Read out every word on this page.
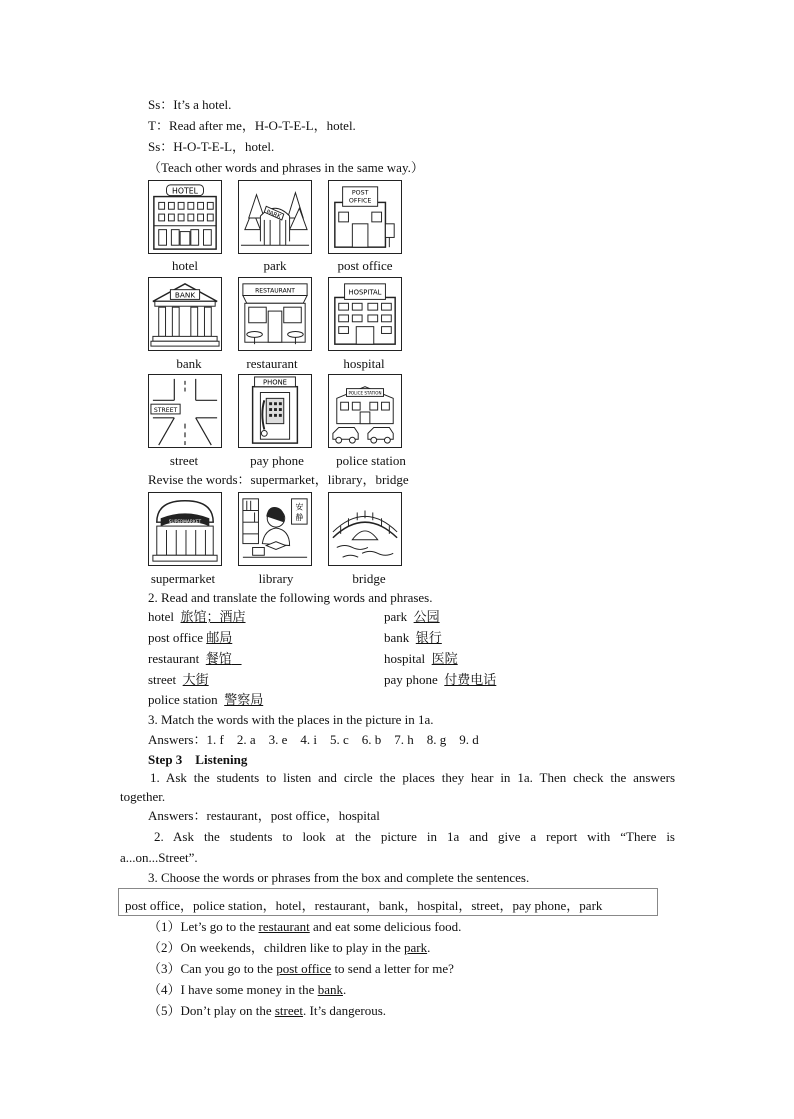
Ss：It’s a hotel.
T：Read after me，H-O-T-E-L，hotel.
Ss：H-O-T-E-L，hotel.
（Teach other words and phrases in the same way.）
HOTEL
PARK
POST
OFFICE
hotel	park	post office
BANK	RESTAURANT	HOSPITAL
bank	restaurant	hospital
STREET
PHONE
POLICE STATION
street	pay phone	police station
Revise the words：supermarket，library，bridge
SUPERMARKET
安
静
supermarket	library	bridge
2. Read and translate the following words and phrases.
hotel 旅馆；酒店	park 公园
post office 邮局	bank 银行
restaurant 餐馆	hospital 医院
street 大街	pay phone 付费电话
police station 警察局
3. Match the words with the places in the picture in 1a.
Answers：1. f　2. a　3. e　4. i　5. c　6. b　7. h　8. g　9. d
Step 3　Listening
1. Ask the students to listen and circle the places they hear in 1a. Then check the answers
together.
Answers：restaurant，post office，hospital
2. Ask the students to look at the picture in 1a and give a report with “There is
a...on...Street”.
3. Choose the words or phrases from the box and complete the sentences.
post office，police station，hotel，restaurant，bank，hospital，street，pay phone，park
（1）Let’s go to the restaurant and eat some delicious food.
（2）On weekends，children like to play in the park.
（3）Can you go to the post office to send a letter for me?
（4）I have some money in the bank.
（5）Don’t play on the street. It’s dangerous.
